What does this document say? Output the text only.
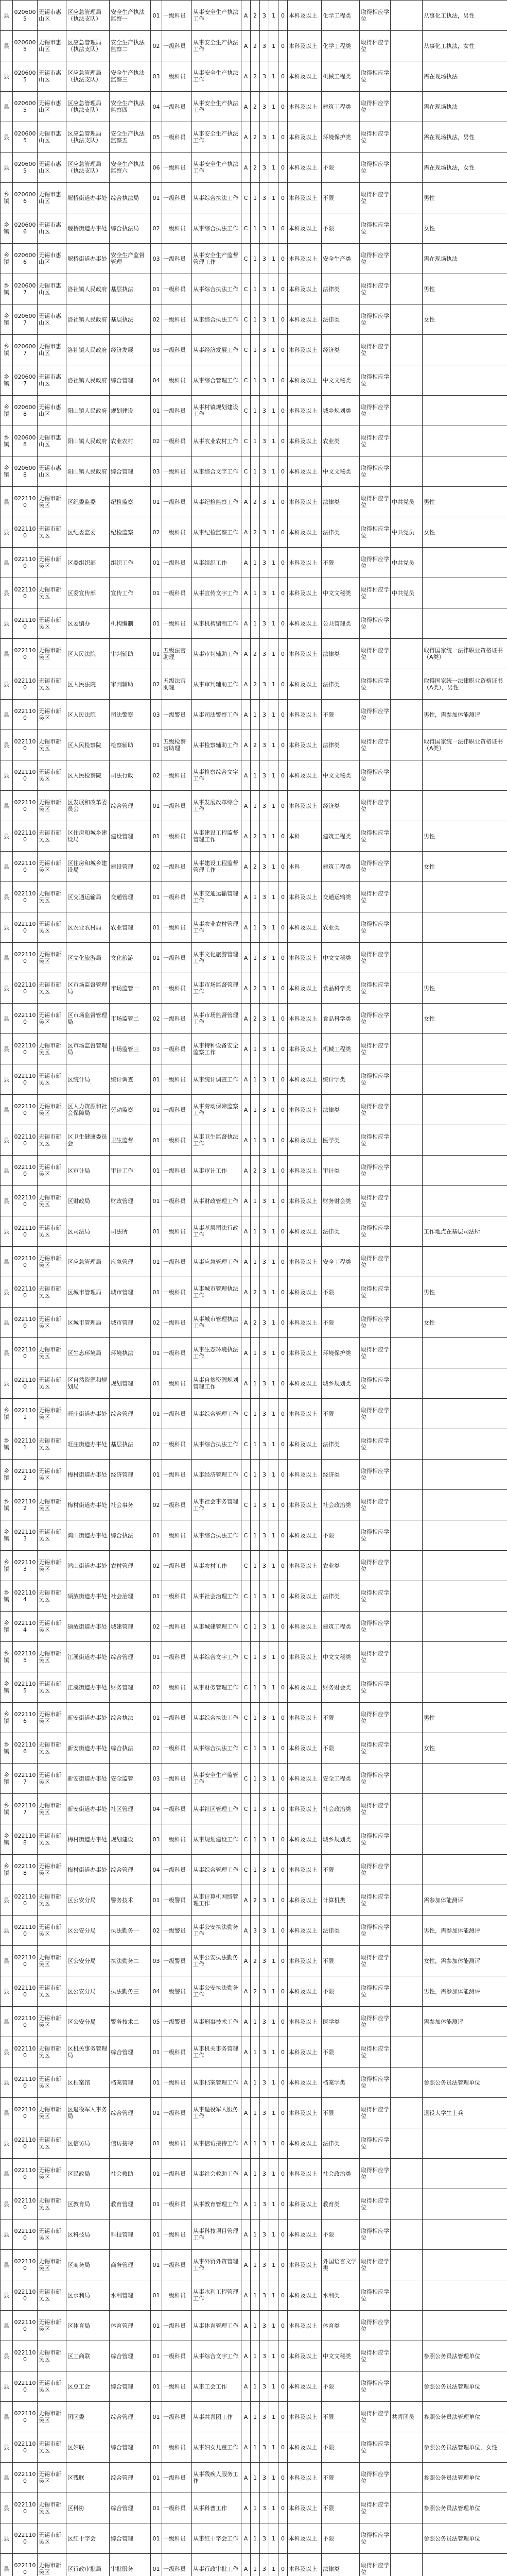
县	0206005	无锡市惠山区	区应急管理局（执法支队）	安全生产执法监察一	01	一级科员	从事安全生产执法工作	A	2	3	1	0	本科及以上	化学工程类	取得相应学位		从事化工执法，男性
县	0206005	无锡市惠山区	区应急管理局（执法支队）	安全生产执法监察二	02	一级科员	从事安全生产执法工作	A	2	3	1	0	本科及以上	化学工程类	取得相应学位		从事化工执法，女性
县	0206005	无锡市惠山区	区应急管理局（执法支队）	安全生产执法监察三	03	一级科员	从事安全生产执法工作	A	2	3	1	0	本科及以上	机械工程类	取得相应学位		需在现场执法
县	0206005	无锡市惠山区	区应急管理局（执法支队）	安全生产执法监察四	04	一级科员	从事安全生产执法工作	A	2	3	1	0	本科及以上	建筑工程类	取得相应学位		需在现场执法
县	0206005	无锡市惠山区	区应急管理局（执法支队）	安全生产执法监察五	05	一级科员	从事安全生产执法工作	A	2	3	1	0	本科及以上	环境保护类	取得相应学位		需在现场执法，男性
县	0206005	无锡市惠山区	区应急管理局（执法支队）	安全生产执法监察六	06	一级科员	从事安全生产执法工作	A	2	3	1	0	本科及以上	不限	取得相应学位		需在现场执法，女性
乡镇	0206006	无锡市惠山区	堰桥街道办事处	综合执法局	01	一级科员	从事综合执法工作	C	1	3	1	0	本科及以上	不限	取得相应学位		男性
乡镇	0206006	无锡市惠山区	堰桥街道办事处	综合执法局	02	一级科员	从事综合执法工作	C	1	3	1	0	本科及以上	不限	取得相应学位		女性
乡镇	0206006	无锡市惠山区	堰桥街道办事处	安全生产监督管理	03	一级科员	从事安全生产监督管理工作	C	1	3	1	0	本科及以上	安全生产类	取得相应学位		需在现场执法
乡镇	0206007	无锡市惠山区	洛社镇人民政府	基层执法	01	一级科员	从事综合执法工作	C	1	3	1	0	本科及以上	法律类	取得相应学位		男性
乡镇	0206007	无锡市惠山区	洛社镇人民政府	基层执法	02	一级科员	从事综合执法工作	C	1	3	1	0	本科及以上	法律类	取得相应学位		女性
乡镇	0206007	无锡市惠山区	洛社镇人民政府	经济发展	03	一级科员	从事经济发展工作	C	1	3	1	0	本科及以上	经济类	取得相应学位		
乡镇	0206007	无锡市惠山区	洛社镇人民政府	综合管理	04	一级科员	从事综合管理工作	C	1	3	1	0	本科及以上	中文文秘类	取得相应学位		
乡镇	0206008	无锡市惠山区	阳山镇人民政府	规划建设	01	一级科员	从事村镇规划建设工作	C	1	3	1	0	本科及以上	城乡规划类	取得相应学位		
乡镇	0206008	无锡市惠山区	阳山镇人民政府	农业农村	02	一级科员	从事农业农村工作	C	1	3	1	0	本科及以上	农业类	取得相应学位		
乡镇	0206008	无锡市惠山区	阳山镇人民政府	综合管理	03	一级科员	从事综合文字工作	C	1	3	1	0	本科及以上	中文文秘类	取得相应学位		
县	0221100	无锡市新吴区	区纪委监委	纪检监察	01	一级科员	从事纪检监察工作	A	2	3	1	0	本科及以上	法律类	取得相应学位	中共党员	男性
县	0221100	无锡市新吴区	区纪委监委	纪检监察	02	一级科员	从事纪检监察工作	A	2	3	1	0	本科及以上	法律类	取得相应学位	中共党员	女性
县	0221100	无锡市新吴区	区委组织部	组织工作	01	一级科员	从事组织工作	A	1	3	1	0	本科及以上	不限	取得相应学位	中共党员	
县	0221100	无锡市新吴区	区委宣传部	宣传工作	01	一级科员	从事宣传文字工作	A	1	3	1	0	本科及以上	中文文秘类	取得相应学位	中共党员	
县	0221100	无锡市新吴区	区委编办	机构编制	01	一级科员	从事机构编制工作	A	1	3	1	0	本科及以上	公共管理类	取得相应学位		
县	0221100	无锡市新吴区	区人民法院	审判辅助	01	五级法官助理	从事审判辅助工作	A	2	3	1	0	本科及以上	法律类	取得相应学位		取得国家统一法律职业资格证书（A类）
县	0221100	无锡市新吴区	区人民法院	审判辅助	02	五级法官助理	从事审判辅助工作	A	2	3	1	0	本科及以上	法律类	取得相应学位		取得国家统一法律职业资格证书（A类），男性
县	0221100	无锡市新吴区	区人民法院	司法警察	03	一级警员	从事司法警察工作	A	1	3	1	0	本科及以上	不限	取得相应学位		男性，需参加体能测评
县	0221100	无锡市新吴区	区人民检察院	检察辅助	01	五级检察官助理	从事检察辅助工作	A	2	3	1	0	本科及以上	法律类	取得相应学位		取得国家统一法律职业资格证书（A类）
县	0221100	无锡市新吴区	区人民检察院	司法行政	02	一级科员	从事检察综合文字工作	A	1	3	1	0	本科及以上	中文文秘类	取得相应学位		
县	0221100	无锡市新吴区	区发展和改革委员会	综合管理	01	一级科员	从事发展改革综合工作	A	1	3	1	0	本科及以上	经济类	取得相应学位		
县	0221100	无锡市新吴区	区住房和城乡建设局	建设管理	01	一级科员	从事建设工程监督管理工作	A	2	3	1	0	本科	建筑工程类	取得相应学位		男性
县	0221100	无锡市新吴区	区住房和城乡建设局	建设管理	02	一级科员	从事建设工程监督管理工作	A	2	3	1	0	本科	建筑工程类	取得相应学位		女性
县	0221100	无锡市新吴区	区交通运输局	交通管理	01	一级科员	从事交通运输管理工作	A	1	3	1	0	本科及以上	交通运输类	取得相应学位		
县	0221100	无锡市新吴区	区农业农村局	农业管理	01	一级科员	从事农业农村管理工作	A	1	3	1	0	本科及以上	农业类	取得相应学位		
县	0221100	无锡市新吴区	区文化旅游局	文化旅游	01	一级科员	从事文化旅游管理工作	A	1	3	1	0	本科及以上	中文文秘类	取得相应学位		
县	0221100	无锡市新吴区	区市场监督管理局	市场监管一	01	一级科员	从事市场监督管理工作	A	2	3	1	0	本科及以上	食品科学类	取得相应学位		男性
县	0221100	无锡市新吴区	区市场监督管理局	市场监管二	02	一级科员	从事市场监督管理工作	A	2	3	1	0	本科及以上	食品科学类	取得相应学位		女性
县	0221100	无锡市新吴区	区市场监督管理局	市场监管三	03	一级科员	从事特种设备安全监察工作	A	1	3	1	0	本科及以上	机械工程类	取得相应学位		
县	0221100	无锡市新吴区	区统计局	统计调查	01	一级科员	从事统计调查工作	A	1	3	1	0	本科及以上	统计学类	取得相应学位		
县	0221100	无锡市新吴区	区人力资源和社会保障局	劳动监察	01	一级科员	从事劳动保障监察工作	A	1	3	1	0	本科及以上	法律类	取得相应学位		
县	0221100	无锡市新吴区	区卫生健康委员会	卫生监督	01	一级科员	从事卫生监督执法工作	A	1	3	1	0	本科及以上	医学类	取得相应学位		
县	0221100	无锡市新吴区	区审计局	审计工作	01	一级科员	从事审计工作	A	2	3	1	0	本科及以上	审计类	取得相应学位		
县	0221100	无锡市新吴区	区财政局	财政管理	01	一级科员	从事财政管理工作	A	1	3	1	0	本科及以上	财务财会类	取得相应学位		
县	0221100	无锡市新吴区	区司法局	司法所	01	一级科员	从事基层司法行政工作	A	1	3	1	0	本科及以上	法律类	取得相应学位		工作地点在基层司法所
县	0221100	无锡市新吴区	区应急管理局	应急管理	01	一级科员	从事应急管理工作	A	1	3	1	0	本科及以上	安全工程类	取得相应学位		
县	0221100	无锡市新吴区	区城市管理局	城市管理	01	一级科员	从事城市管理执法工作	A	2	3	1	0	本科及以上	不限	取得相应学位		男性
县	0221100	无锡市新吴区	区城市管理局	城市管理	02	一级科员	从事城市管理执法工作	A	2	3	1	0	本科及以上	不限	取得相应学位		女性
县	0221100	无锡市新吴区	区生态环境局	环境执法	01	一级科员	从事生态环境执法工作	A	1	3	1	0	本科及以上	环境保护类	取得相应学位		
县	0221100	无锡市新吴区	区自然资源和规划局	规划管理	01	一级科员	从事自然资源规划管理工作	A	1	3	1	0	本科及以上	城乡规划类	取得相应学位		
乡镇	0221101	无锡市新吴区	旺庄街道办事处	综合管理	01	一级科员	从事综合管理工作	C	1	3	1	0	本科及以上	不限	取得相应学位		
乡镇	0221101	无锡市新吴区	旺庄街道办事处	基层执法	02	一级科员	从事综合执法工作	C	1	3	1	0	本科及以上	法律类	取得相应学位		
乡镇	0221102	无锡市新吴区	梅村街道办事处	经济管理	01	一级科员	从事经济管理工作	C	1	3	1	0	本科及以上	经济类	取得相应学位		
乡镇	0221102	无锡市新吴区	梅村街道办事处	社会事务	02	一级科员	从事社会事务管理工作	C	1	3	1	0	本科及以上	社会政治类	取得相应学位		
乡镇	0221103	无锡市新吴区	鸿山街道办事处	综合执法	01	一级科员	从事综合执法工作	C	1	3	1	0	本科及以上	不限	取得相应学位		
乡镇	0221103	无锡市新吴区	鸿山街道办事处	农村管理	02	一级科员	从事农村工作	C	1	3	1	0	本科及以上	农业类	取得相应学位		
乡镇	0221104	无锡市新吴区	硕放街道办事处	社会治理	01	一级科员	从事社会治理工作	C	1	3	1	0	本科及以上	法律类	取得相应学位		
乡镇	0221104	无锡市新吴区	硕放街道办事处	城建管理	02	一级科员	从事城建管理工作	C	1	3	1	0	本科及以上	建筑工程类	取得相应学位		
乡镇	0221105	无锡市新吴区	江溪街道办事处	综合管理	01	一级科员	从事综合文字工作	C	1	3	1	0	本科及以上	中文文秘类	取得相应学位		
乡镇	0221105	无锡市新吴区	江溪街道办事处	财务管理	02	一级科员	从事财务管理工作	C	1	3	1	0	本科及以上	财务财会类	取得相应学位		
乡镇	0221106	无锡市新吴区	新安街道办事处	综合执法	01	一级科员	从事综合执法工作	C	1	3	1	0	本科及以上	不限	取得相应学位		男性
乡镇	0221106	无锡市新吴区	新安街道办事处	综合执法	02	一级科员	从事综合执法工作	C	1	3	1	0	本科及以上	不限	取得相应学位		女性
乡镇	0221107	无锡市新吴区	新安街道办事处	安全监管	03	一级科员	从事安全生产监管工作	C	1	3	1	0	本科及以上	安全工程类	取得相应学位		
乡镇	0221107	无锡市新吴区	新安街道办事处	社区管理	04	一级科员	从事社区管理工作	C	1	3	1	0	本科及以上	社会政治类	取得相应学位		
乡镇	0221108	无锡市新吴区	梅村街道办事处	规划建设	03	一级科员	从事规划建设工作	C	1	3	1	0	本科及以上	城乡规划类	取得相应学位		
乡镇	0221108	无锡市新吴区	梅村街道办事处	综合管理	04	一级科员	从事综合管理工作	C	1	3	1	0	本科及以上	不限	取得相应学位		
县	0221100	无锡市新吴区	区公安分局	警务技术	01	一级警员	从事计算机网络管理工作	A	2	3	1	0	本科及以上	计算机类	取得相应学位		需参加体能测评
县	0221100	无锡市新吴区	区公安分局	执法勤务一	02	一级警员	从事公安执法勤务工作	A	3	3	1	0	本科及以上	法律类	取得相应学位		男性，需参加体能测评
县	0221100	无锡市新吴区	区公安分局	执法勤务二	03	一级警员	从事公安执法勤务工作	A	2	3	1	0	本科及以上	不限	取得相应学位		女性，需参加体能测评
县	0221100	无锡市新吴区	区公安分局	执法勤务三	04	一级警员	从事公安执法勤务工作	A	2	3	1	0	本科及以上	不限	取得相应学位		男性，需参加体能测评
县	0221100	无锡市新吴区	区公安分局	警务技术二	05	一级警员	从事刑事技术工作	A	1	3	1	0	本科及以上	医学类	取得相应学位		需参加体能测评
县	0221100	无锡市新吴区	区机关事务管理局	综合管理	01	一级科员	从事机关事务管理工作	A	1	3	1	0	本科及以上	不限	取得相应学位		
县	0221100	无锡市新吴区	区档案馆	档案管理	01	一级科员	从事档案管理工作	A	1	3	1	0	本科及以上	档案学类	取得相应学位		参照公务员法管理单位
县	0221100	无锡市新吴区	区退役军人事务局	综合管理	01	一级科员	从事退役军人服务工作	A	1	3	1	0	本科及以上	不限	取得相应学位		退役大学生士兵
县	0221100	无锡市新吴区	区信访局	信访接待	01	一级科员	从事信访接待工作	A	1	3	1	0	本科及以上	法律类	取得相应学位		
县	0221100	无锡市新吴区	区民政局	社会救助	01	一级科员	从事社会救助工作	A	1	3	1	0	本科及以上	社会政治类	取得相应学位		
县	0221100	无锡市新吴区	区教育局	教育管理	01	一级科员	从事教育管理工作	A	1	3	1	0	本科及以上	教育类	取得相应学位		
县	0221100	无锡市新吴区	区科技局	科技管理	01	一级科员	从事科技项目管理工作	A	1	3	1	0	本科及以上	不限	取得相应学位		
县	0221100	无锡市新吴区	区商务局	商务管理	01	一级科员	从事外贸外资管理工作	A	1	3	1	0	本科及以上	外国语言文学类	取得相应学位		
县	0221100	无锡市新吴区	区水利局	水利管理	01	一级科员	从事水利工程管理工作	A	1	3	1	0	本科及以上	水利类	取得相应学位		
县	0221100	无锡市新吴区	区体育局	体育管理	01	一级科员	从事体育管理工作	A	1	3	1	0	本科及以上	体育类	取得相应学位		
县	0221100	无锡市新吴区	区工商联	综合管理	01	一级科员	从事综合文字工作	A	1	3	1	0	本科及以上	中文文秘类	取得相应学位		参照公务员法管理单位
县	0221100	无锡市新吴区	区总工会	综合管理	01	一级科员	从事工会工作	A	1	3	1	0	本科及以上	不限	取得相应学位		参照公务员法管理单位
县	0221100	无锡市新吴区	团区委	综合管理	01	一级科员	从事共青团工作	A	1	3	1	0	本科及以上	不限	取得相应学位	共青团员	参照公务员法管理单位
县	0221100	无锡市新吴区	区妇联	综合管理	01	一级科员	从事妇女儿童工作	A	1	3	1	0	本科及以上	不限	取得相应学位		参照公务员法管理单位，女性
县	0221100	无锡市新吴区	区残联	综合管理	01	一级科员	从事残疾人服务工作	A	1	3	1	0	本科及以上	不限	取得相应学位		参照公务员法管理单位
县	0221100	无锡市新吴区	区科协	综合管理	01	一级科员	从事科普工作	A	1	3	1	0	本科及以上	不限	取得相应学位		参照公务员法管理单位
县	0221100	无锡市新吴区	区红十字会	综合管理	01	一级科员	从事红十字会工作	A	1	3	1	0	本科及以上	不限	取得相应学位		参照公务员法管理单位
县	0221100	无锡市新吴区	区行政审批局	审批服务	01	一级科员	从事行政审批工作	A	1	3	1	0	本科及以上	法律类	取得相应学位		
